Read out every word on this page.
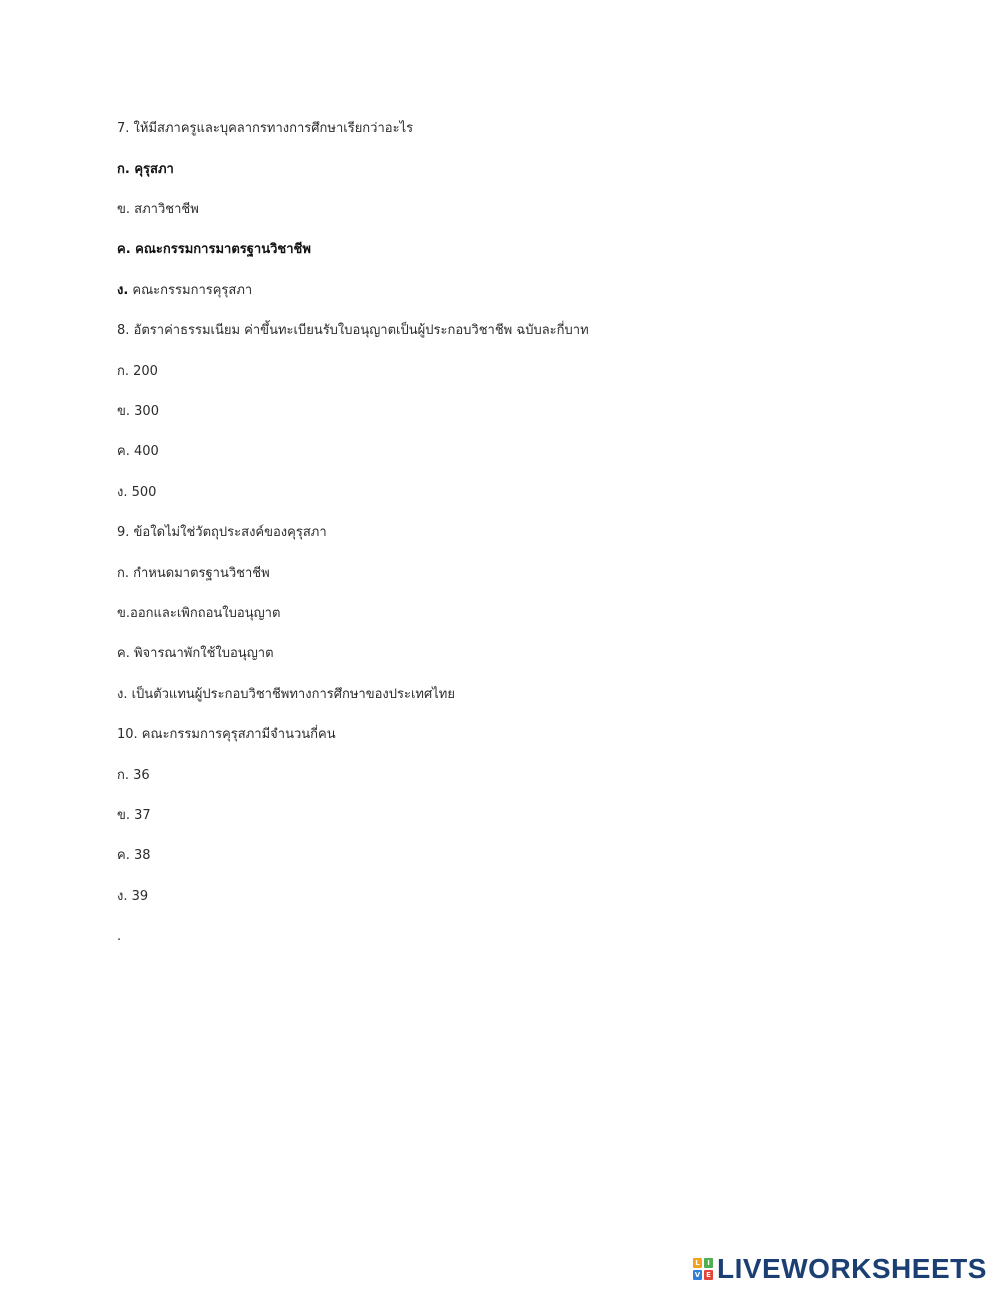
7. ให้มีสภาครูและบุคลากรทางการศึกษาเรียกว่าอะไร
ก. คุรุสภา
ข. สภาวิชาชีพ
ค. คณะกรรมการมาตรฐานวิชาชีพ
ง. คณะกรรมการคุรุสภา
8. อัตราค่าธรรมเนียม ค่าขึ้นทะเบียนรับใบอนุญาตเป็นผู้ประกอบวิชาชีพ ฉบับละกี่บาท
ก. 200
ข. 300
ค. 400
ง. 500
9. ข้อใดไม่ใช่วัตถุประสงค์ของคุรุสภา
ก. กำหนดมาตรฐานวิชาชีพ
ข.ออกและเพิกถอนใบอนุญาต
ค. พิจารณาพักใช้ใบอนุญาต
ง. เป็นตัวแทนผู้ประกอบวิชาชีพทางการศึกษาของประเทศไทย
10. คณะกรรมการคุรุสภามีจำนวนกี่คน
ก. 36
ข. 37
ค. 38
ง. 39
.
L	I
V E LIVEWORKSHEETS
